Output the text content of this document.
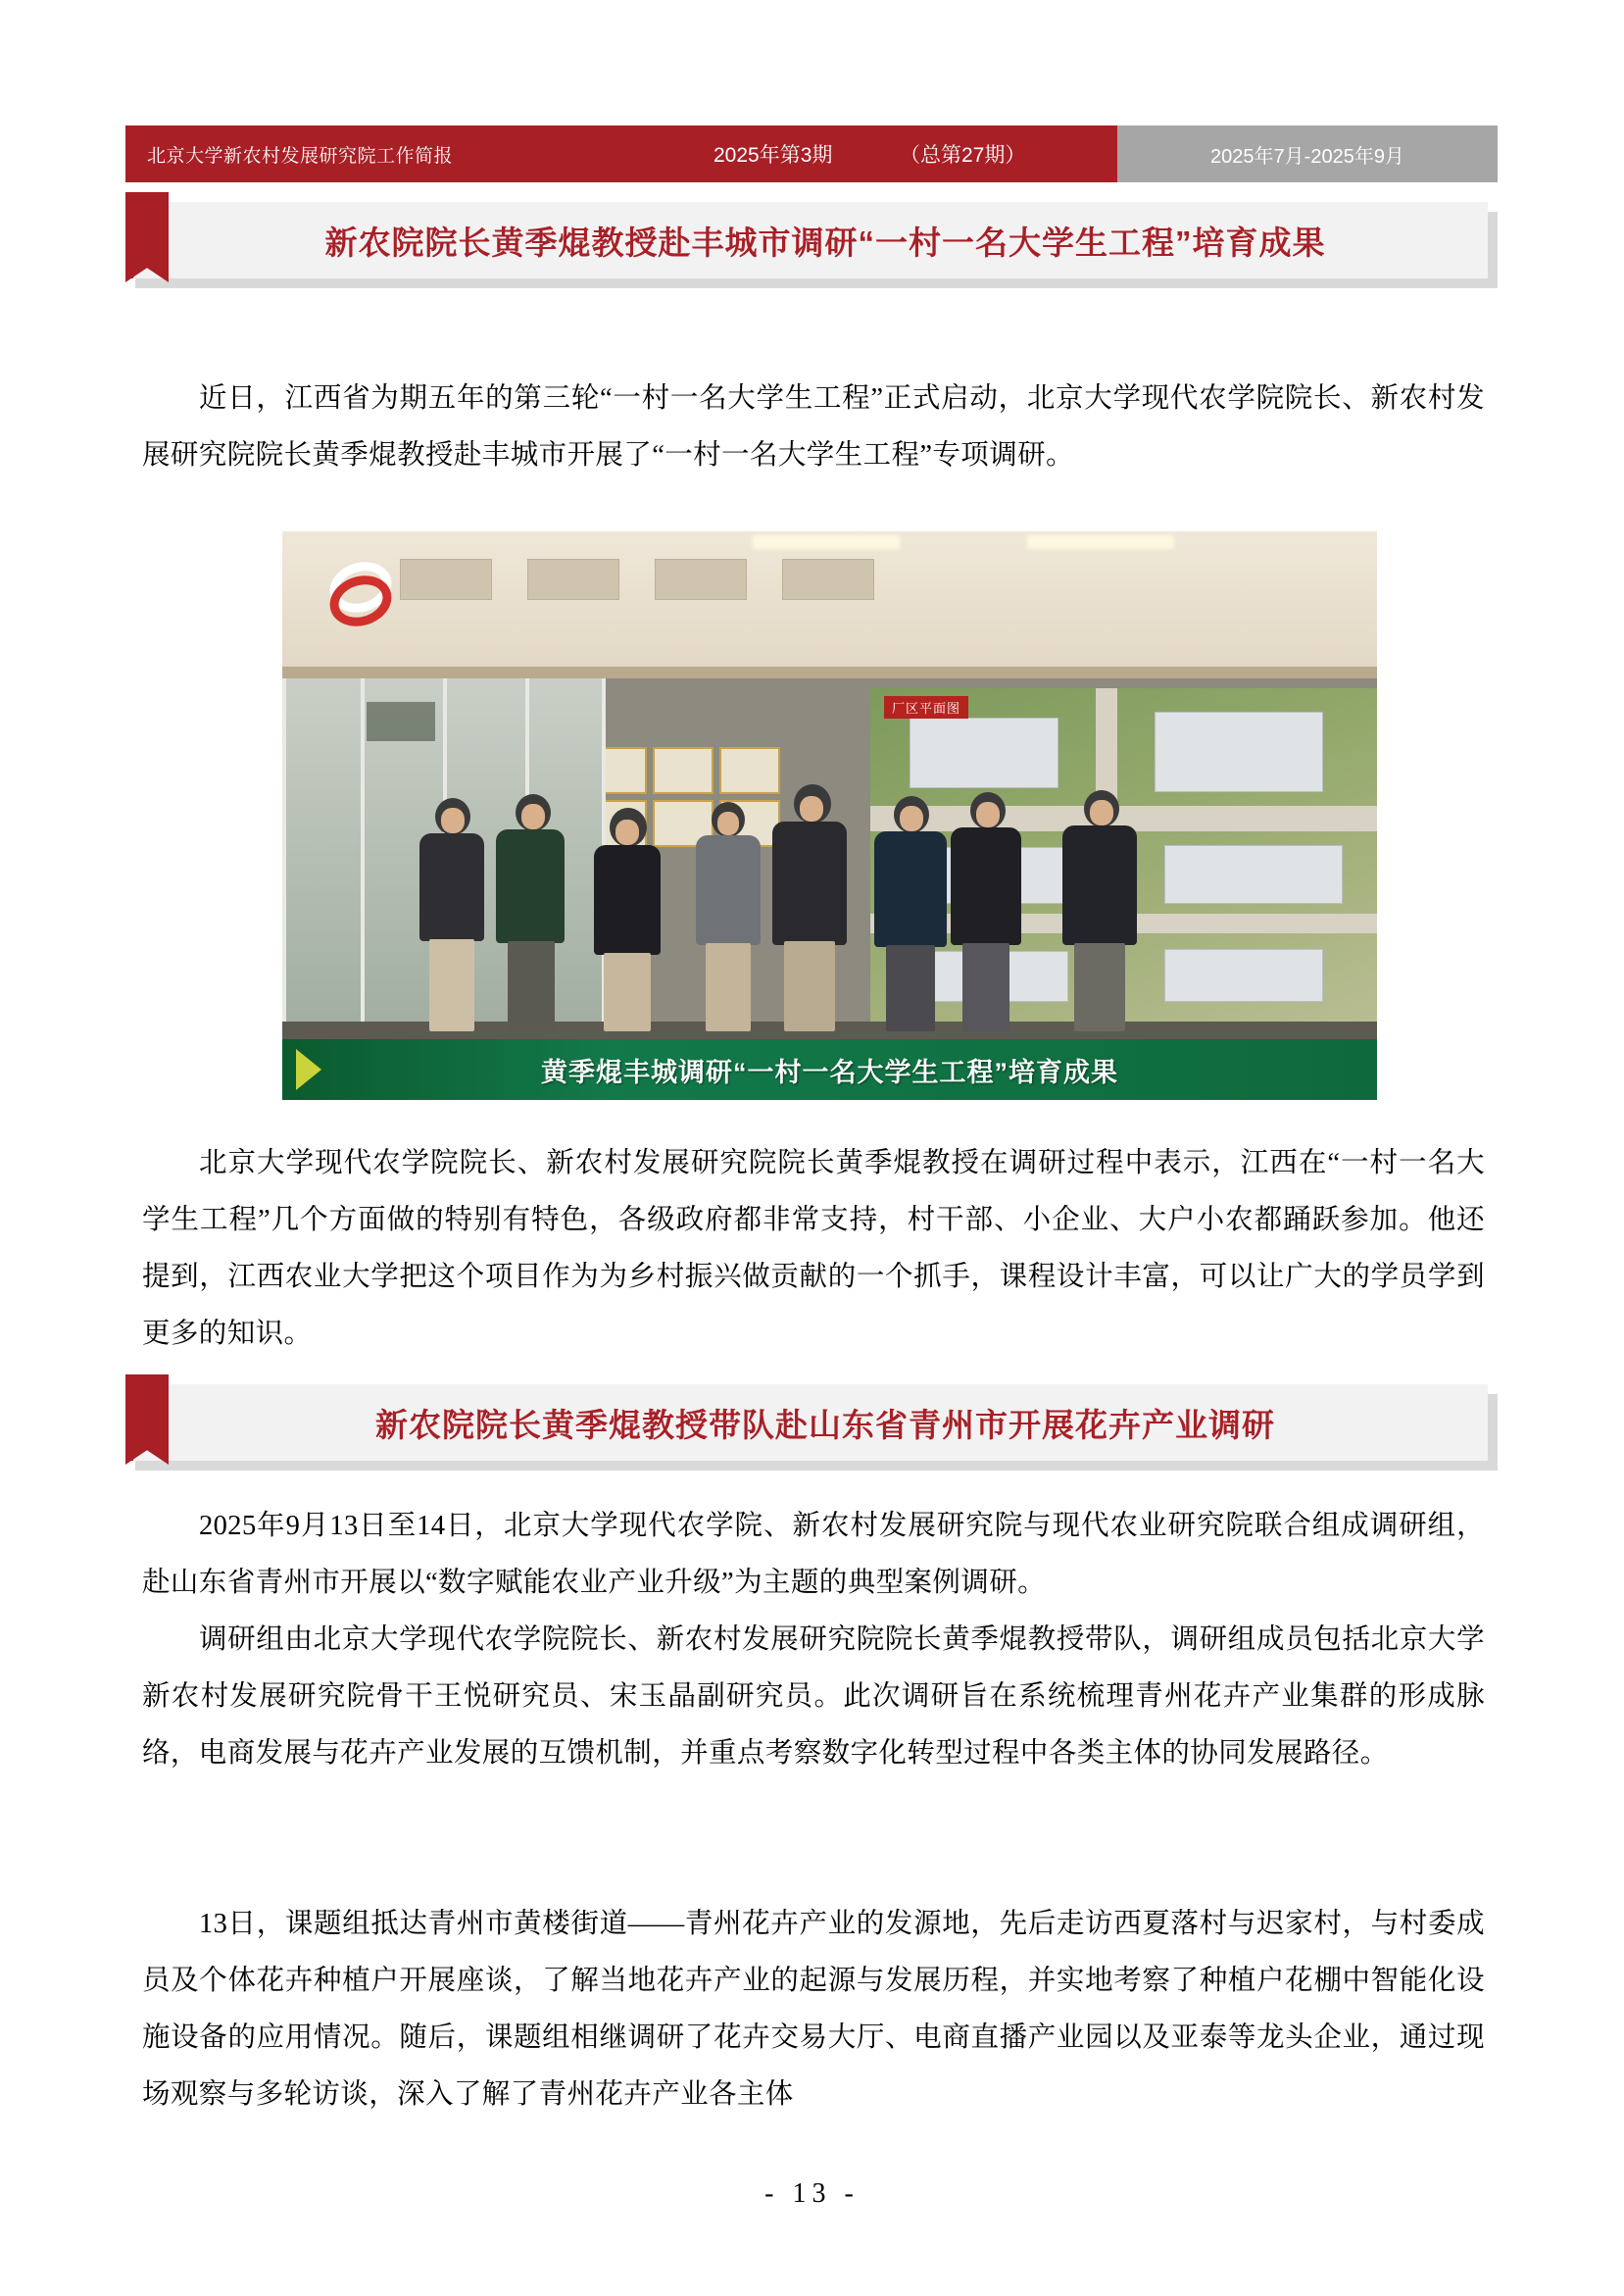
北京大学新农村发展研究院工作简报	2025年第3期	（总第27期）	2025年7月-2025年9月
新农院院长黄季焜教授赴丰城市调研“一村一名大学生工程”培育成果
近日，江西省为期五年的第三轮“一村一名大学生工程”正式启动，北京大学现代农学院院长、新农村发展研究院院长黄季焜教授赴丰城市开展了“一村一名大学生工程”专项调研。
厂区平面图
黄季焜丰城调研“一村一名大学生工程”培育成果
北京大学现代农学院院长、新农村发展研究院院长黄季焜教授在调研过程中表示，江西在“一村一名大学生工程”几个方面做的特别有特色，各级政府都非常支持，村干部、小企业、大户小农都踊跃参加。他还提到，江西农业大学把这个项目作为为乡村振兴做贡献的一个抓手，课程设计丰富，可以让广大的学员学到更多的知识。
新农院院长黄季焜教授带队赴山东省青州市开展花卉产业调研
2025年9月13日至14日，北京大学现代农学院、新农村发展研究院与现代农业研究院联合组成调研组，赴山东省青州市开展以“数字赋能农业产业升级”为主题的典型案例调研。
调研组由北京大学现代农学院院长、新农村发展研究院院长黄季焜教授带队，调研组成员包括北京大学新农村发展研究院骨干王悦研究员、宋玉晶副研究员。此次调研旨在系统梳理青州花卉产业集群的形成脉络，电商发展与花卉产业发展的互馈机制，并重点考察数字化转型过程中各类主体的协同发展路径。
13日，课题组抵达青州市黄楼街道——青州花卉产业的发源地，先后走访西夏落村与迟家村，与村委成员及个体花卉种植户开展座谈，了解当地花卉产业的起源与发展历程，并实地考察了种植户花棚中智能化设施设备的应用情况。随后，课题组相继调研了花卉交易大厅、电商直播产业园以及亚泰等龙头企业，通过现场观察与多轮访谈，深入了解了青州花卉产业各主体
- 13 -
